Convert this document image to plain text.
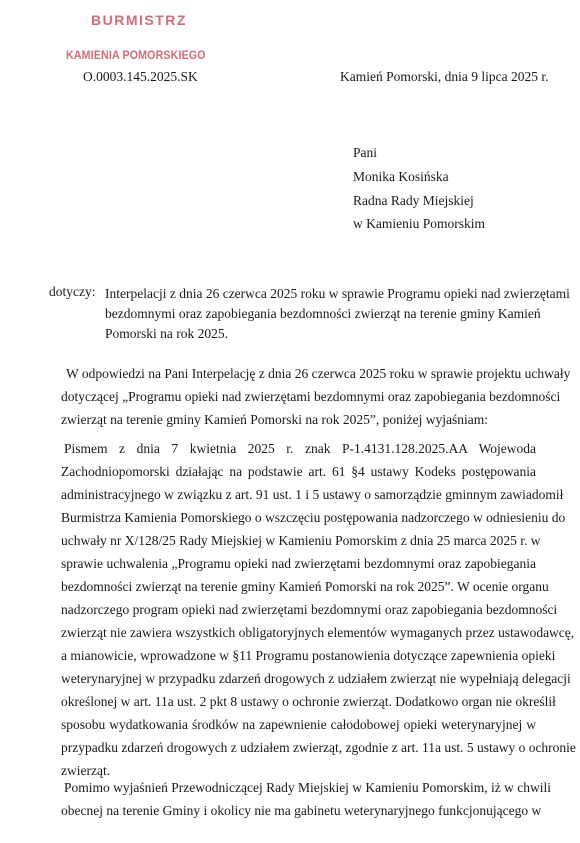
BURMISTRZ
KAMIENIA POMORSKIEGO
O.0003.145.2025.SK	Kamień Pomorski, dnia 9 lipca 2025 r.
Pani
Monika Kosińska
Radna Rady Miejskiej
w Kamieniu Pomorskim
dotyczy: Interpelacji z dnia 26 czerwca 2025 roku w sprawie Programu opieki nad zwierzętami
bezdomnymi oraz zapobiegania bezdomności zwierząt na terenie gminy Kamień
Pomorski na rok 2025.
W odpowiedzi na Pani Interpelację z dnia 26 czerwca 2025 roku w sprawie projektu uchwały
dotyczącej „Programu opieki nad zwierzętami bezdomnymi oraz zapobiegania bezdomności
zwierząt na terenie gminy Kamień Pomorski na rok 2025”, poniżej wyjaśniam:
Pismem z dnia 7 kwietnia 2025 r. znak P-1.4131.128.2025.AA Wojewoda
Zachodniopomorski działając na podstawie art. 61 §4 ustawy Kodeks postępowania
administracyjnego w związku z art. 91 ust. 1 i 5 ustawy o samorządzie gminnym zawiadomił
Burmistrza Kamienia Pomorskiego o wszczęciu postępowania nadzorczego w odniesieniu do
uchwały nr X/128/25 Rady Miejskiej w Kamieniu Pomorskim z dnia 25 marca 2025 r. w
sprawie uchwalenia „Programu opieki nad zwierzętami bezdomnymi oraz zapobiegania
bezdomności zwierząt na terenie gminy Kamień Pomorski na rok 2025”. W ocenie organu
nadzorczego program opieki nad zwierzętami bezdomnymi oraz zapobiegania bezdomności
zwierząt nie zawiera wszystkich obligatoryjnych elementów wymaganych przez ustawodawcę,
a mianowicie, wprowadzone w §11 Programu postanowienia dotyczące zapewnienia opieki
weterynaryjnej w przypadku zdarzeń drogowych z udziałem zwierząt nie wypełniają delegacji
określonej w art. 11a ust. 2 pkt 8 ustawy o ochronie zwierząt. Dodatkowo organ nie określił
sposobu wydatkowania środków na zapewnienie całodobowej opieki weterynaryjnej w
przypadku zdarzeń drogowych z udziałem zwierząt, zgodnie z art. 11a ust. 5 ustawy o ochronie
zwierząt.
Pomimo wyjaśnień Przewodniczącej Rady Miejskiej w Kamieniu Pomorskim, iż w chwili
obecnej na terenie Gminy i okolicy nie ma gabinetu weterynaryjnego funkcjonującego w
